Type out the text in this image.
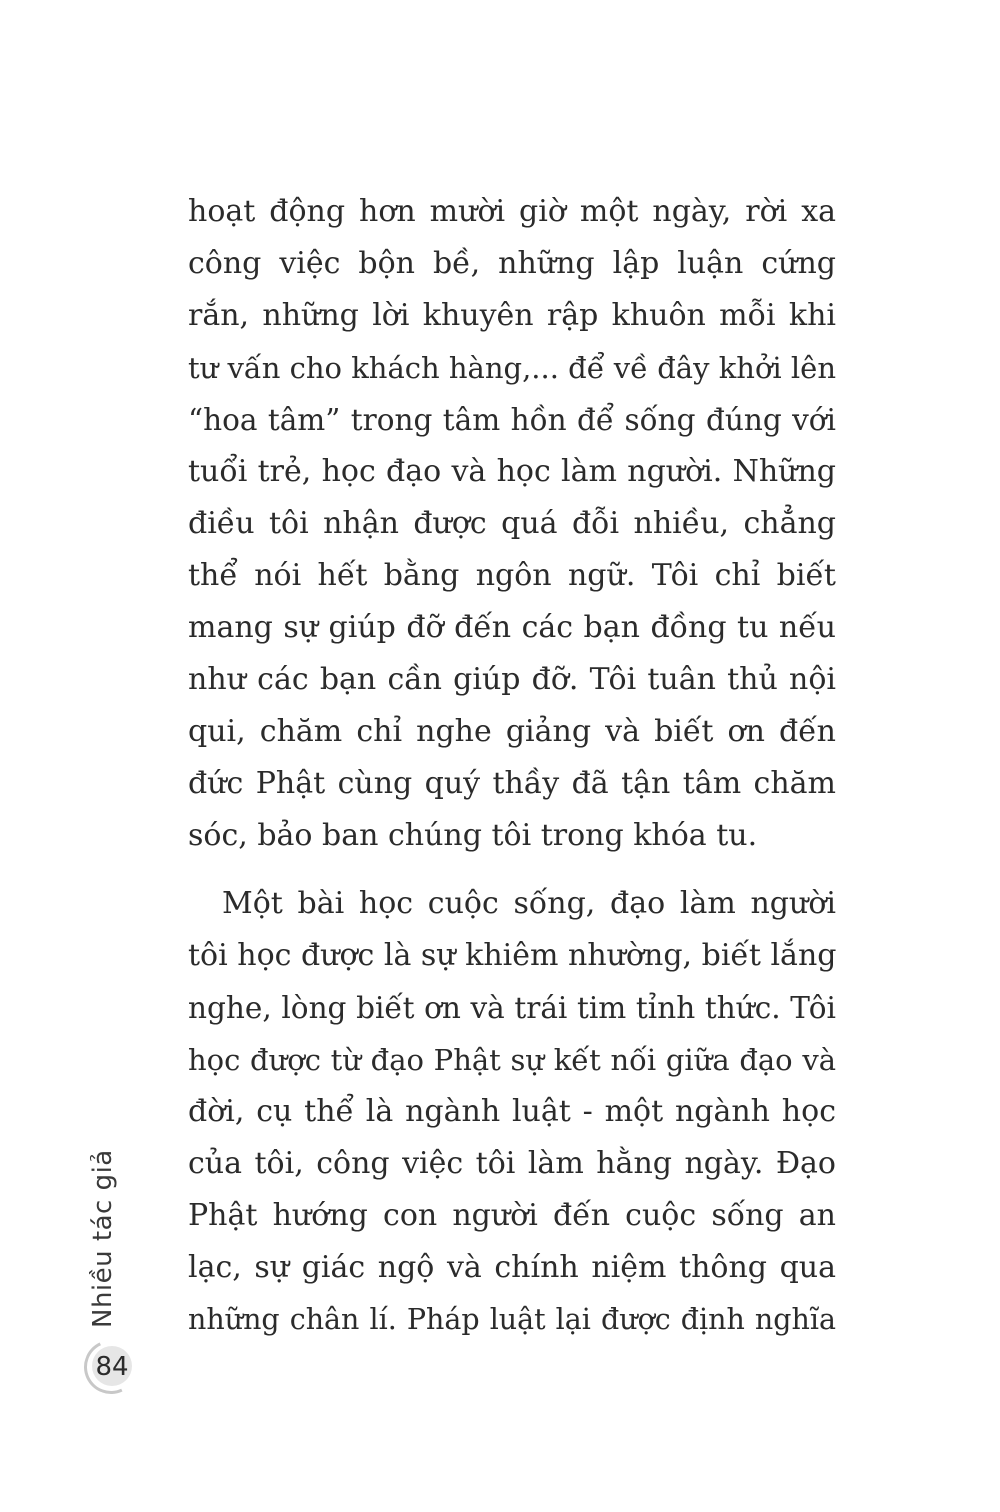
hoạt động hơn mười giờ một ngày, rời xa
công việc bộn bề, những lập luận cứng
rắn, những lời khuyên rập khuôn mỗi khi
tư vấn cho khách hàng,... để về đây khởi lên
“hoa tâm” trong tâm hồn để sống đúng với
tuổi trẻ, học đạo và học làm người. Những
điều tôi nhận được quá đỗi nhiều, chẳng
thể nói hết bằng ngôn ngữ. Tôi chỉ biết
mang sự giúp đỡ đến các bạn đồng tu nếu
như các bạn cần giúp đỡ. Tôi tuân thủ nội
qui, chăm chỉ nghe giảng và biết ơn đến
đức Phật cùng quý thầy đã tận tâm chăm
sóc, bảo ban chúng tôi trong khóa tu.
Một bài học cuộc sống, đạo làm người
tôi học được là sự khiêm nhường, biết lắng
nghe, lòng biết ơn và trái tim tỉnh thức. Tôi
học được từ đạo Phật sự kết nối giữa đạo và
đời, cụ thể là ngành luật - một ngành học
của tôi, công việc tôi làm hằng ngày. Đạo
Phật hướng con người đến cuộc sống an
lạc, sự giác ngộ và chính niệm thông qua
những chân lí. Pháp luật lại được định nghĩa
Nhiều tác giả
84
